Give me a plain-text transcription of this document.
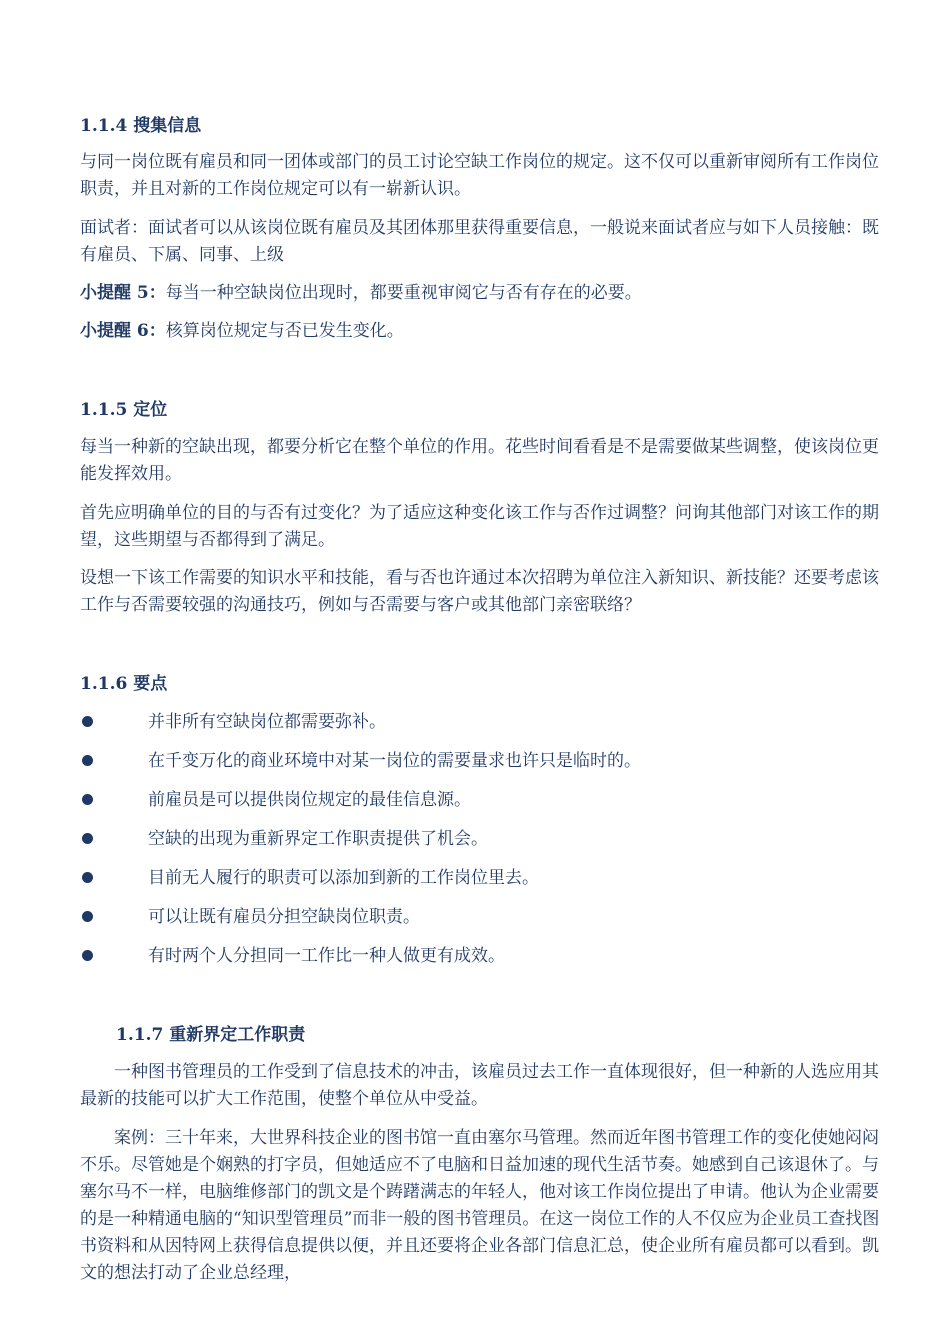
1.1.4 搜集信息

与同一岗位既有雇员和同一团体或部门的员工讨论空缺工作岗位的规定。这不仅可以重新审阅所有工作岗位职责，并且对新的工作岗位规定可以有一崭新认识。

面试者：面试者可以从该岗位既有雇员及其团体那里获得重要信息，一般说来面试者应与如下人员接触：既有雇员、下属、同事、上级

小提醒 5：每当一种空缺岗位出现时，都要重视审阅它与否有存在的必要。

小提醒 6：核算岗位规定与否已发生变化。

1.1.5 定位

每当一种新的空缺出现，都要分析它在整个单位的作用。花些时间看看是不是需要做某些调整，使该岗位更能发挥效用。

首先应明确单位的目的与否有过变化？为了适应这种变化该工作与否作过调整？问询其他部门对该工作的期望，这些期望与否都得到了满足。

设想一下该工作需要的知识水平和技能，看与否也许通过本次招聘为单位注入新知识、新技能？还要考虑该工作与否需要较强的沟通技巧，例如与否需要与客户或其他部门亲密联络？

1.1.6 要点
并非所有空缺岗位都需要弥补。
在千变万化的商业环境中对某一岗位的需要量求也许只是临时的。
前雇员是可以提供岗位规定的最佳信息源。
空缺的出现为重新界定工作职责提供了机会。
目前无人履行的职责可以添加到新的工作岗位里去。
可以让既有雇员分担空缺岗位职责。
有时两个人分担同一工作比一种人做更有成效。
1.1.7 重新界定工作职责

一种图书管理员的工作受到了信息技术的冲击，该雇员过去工作一直体现很好，但一种新的人选应用其最新的技能可以扩大工作范围，使整个单位从中受益。

案例：三十年来，大世界科技企业的图书馆一直由塞尔马管理。然而近年图书管理工作的变化使她闷闷不乐。尽管她是个娴熟的打字员，但她适应不了电脑和日益加速的现代生活节奏。她感到自己该退休了。与塞尔马不一样，电脑维修部门的凯文是个踌躇满志的年轻人，他对该工作岗位提出了申请。他认为企业需要的是一种精通电脑的“知识型管理员”而非一般的图书管理员。在这一岗位工作的人不仅应为企业员工查找图书资料和从因特网上获得信息提供以便，并且还要将企业各部门信息汇总，使企业所有雇员都可以看到。凯文的想法打动了企业总经理，
